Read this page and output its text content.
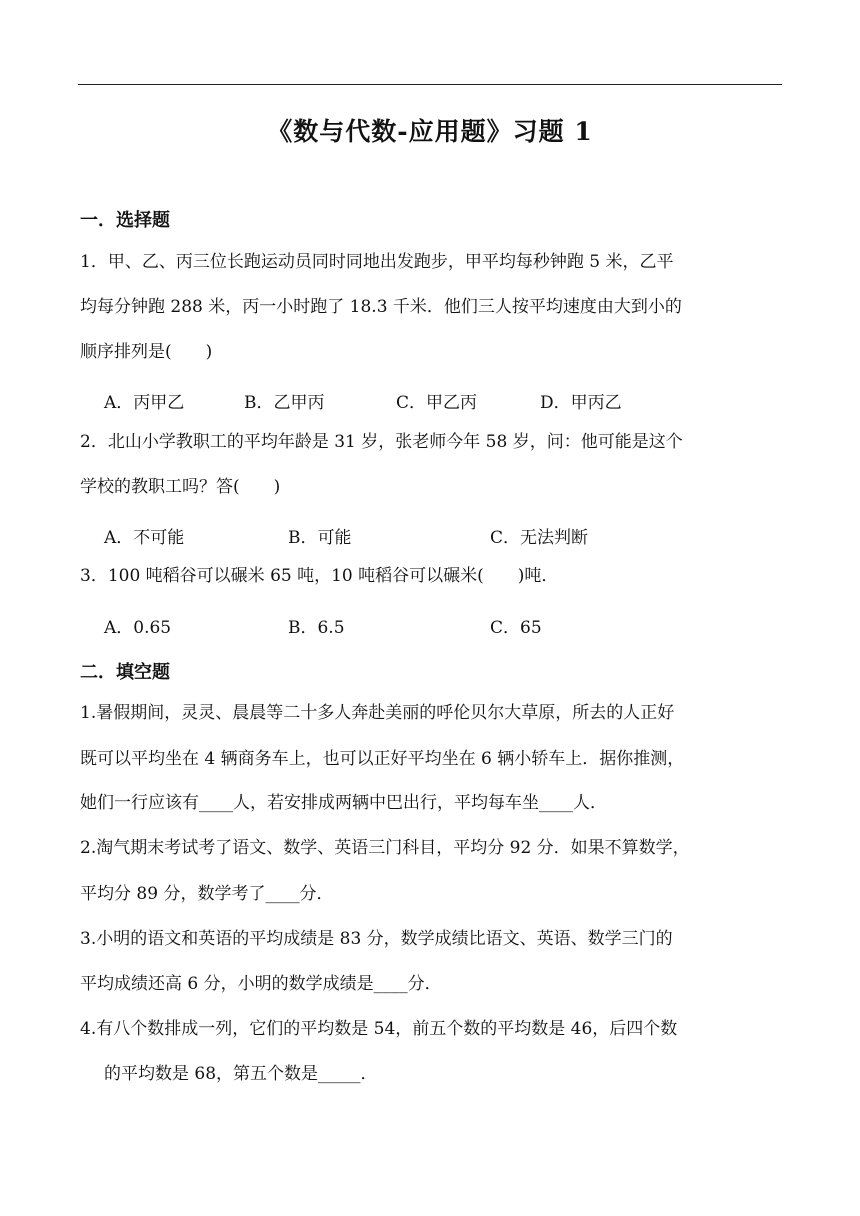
《数与代数-应用题》习题 1
一．选择题
1．甲、乙、丙三位长跑运动员同时同地出发跑步，甲平均每秒钟跑 5 米，乙平
均每分钟跑 288 米，丙一小时跑了 18.3 千米．他们三人按平均速度由大到小的
顺序排列是(　　)
A．丙甲乙	B．乙甲丙	C．甲乙丙	D．甲丙乙
2．北山小学教职工的平均年龄是 31 岁，张老师今年 58 岁，问：他可能是这个
学校的教职工吗？答(　　)
A．不可能	B．可能	C．无法判断
3．100 吨稻谷可以碾米 65 吨，10 吨稻谷可以碾米(　　)吨．
A．0.65	B．6.5	C．65
二．填空题
1.暑假期间，灵灵、晨晨等二十多人奔赴美丽的呼伦贝尔大草原，所去的人正好
既可以平均坐在 4 辆商务车上，也可以正好平均坐在 6 辆小轿车上．据你推测，
她们一行应该有____人，若安排成两辆中巴出行，平均每车坐____人．
2.淘气期末考试考了语文、数学、英语三门科目，平均分 92 分．如果不算数学，
平均分 89 分，数学考了____分．
3.小明的语文和英语的平均成绩是 83 分，数学成绩比语文、英语、数学三门的
平均成绩还高 6 分，小明的数学成绩是____分．
4.有八个数排成一列，它们的平均数是 54，前五个数的平均数是 46，后四个数
的平均数是 68，第五个数是_____．
